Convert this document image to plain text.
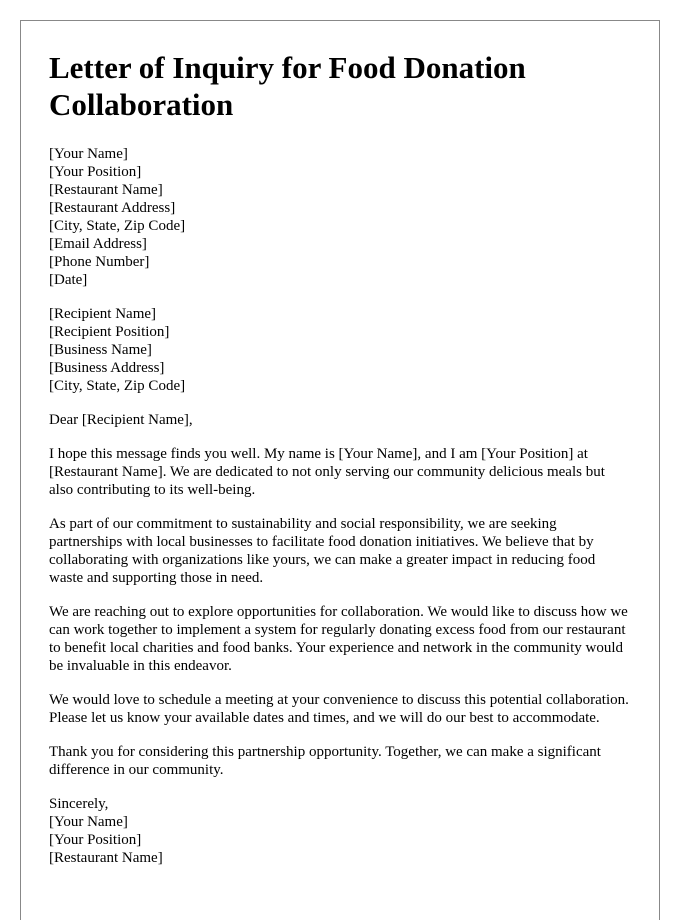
Letter of Inquiry for Food Donation Collaboration
[Your Name]
[Your Position]
[Restaurant Name]
[Restaurant Address]
[City, State, Zip Code]
[Email Address]
[Phone Number]
[Date]
[Recipient Name]
[Recipient Position]
[Business Name]
[Business Address]
[City, State, Zip Code]

Dear [Recipient Name],

I hope this message finds you well. My name is [Your Name], and I am [Your Position] at [Restaurant Name]. We are dedicated to not only serving our community delicious meals but also contributing to its well-being.

As part of our commitment to sustainability and social responsibility, we are seeking partnerships with local businesses to facilitate food donation initiatives. We believe that by collaborating with organizations like yours, we can make a greater impact in reducing food waste and supporting those in need.

We are reaching out to explore opportunities for collaboration. We would like to discuss how we can work together to implement a system for regularly donating excess food from our restaurant to benefit local charities and food banks. Your experience and network in the community would be invaluable in this endeavor.

We would love to schedule a meeting at your convenience to discuss this potential collaboration. Please let us know your available dates and times, and we will do our best to accommodate.

Thank you for considering this partnership opportunity. Together, we can make a significant difference in our community.

Sincerely,
[Your Name]
[Your Position]
[Restaurant Name]
